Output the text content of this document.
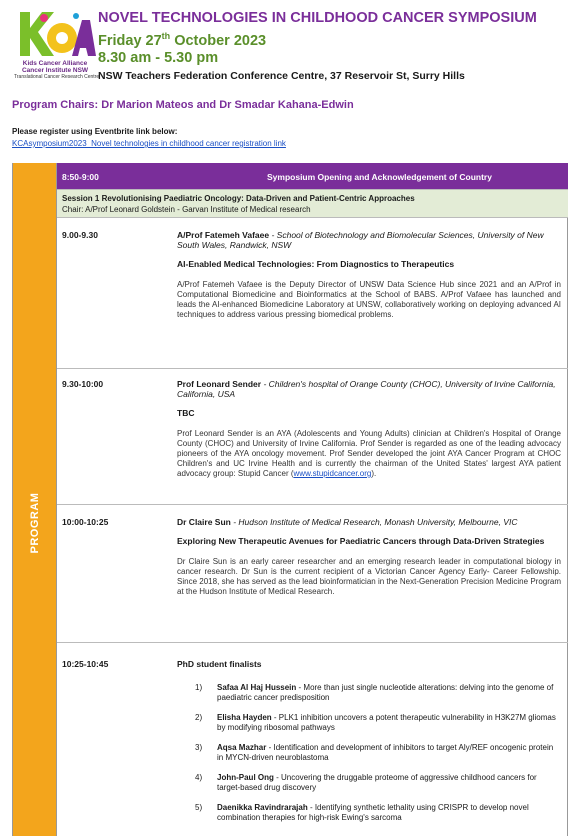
Kids Cancer Alliance
Cancer Institute NSW
Translational Cancer Research Centre
NOVEL TECHNOLOGIES IN CHILDHOOD CANCER SYMPOSIUM
Friday 27th October 2023
8.30 am - 5.30 pm
NSW Teachers Federation Conference Centre, 37 Reservoir St, Surry Hills
Program Chairs: Dr Marion Mateos and Dr Smadar Kahana-Edwin
Please register using Eventbrite link below:
KCAsymposium2023_Novel technologies in childhood cancer registration link
PROGRAM
8:50-9:00	Symposium Opening and Acknowledgement of Country
Session 1 Revolutionising Paediatric Oncology: Data-Driven and Patient-Centric Approaches
Chair: A/Prof Leonard Goldstein - Garvan Institute of Medical research
9.00-9.30	A/Prof Fatemeh Vafaee - School of Biotechnology and Biomolecular Sciences, University of New South Wales, Randwick, NSW
AI-Enabled Medical Technologies: From Diagnostics to Therapeutics
A/Prof Fatemeh Vafaee is the Deputy Director of UNSW Data Science Hub since 2021 and an A/Prof in Computational Biomedicine and Bioinformatics at the School of BABS. A/Prof Vafaee has launched and leads the AI-enhanced Biomedicine Laboratory at UNSW, collaboratively working on deploying advanced AI techniques to address various pressing biomedical problems.
9.30-10:00	Prof Leonard Sender - Children's hospital of Orange County (CHOC), University of Irvine California, California, USA
TBC
Prof Leonard Sender is an AYA (Adolescents and Young Adults) clinician at Children's Hospital of Orange County (CHOC) and University of Irvine California. Prof Sender is regarded as one of the leading advocacy pioneers of the AYA oncology movement. Prof Sender developed the joint AYA Cancer Program at CHOC Children's and UC Irvine Health and is currently the chairman of the United States' largest AYA patient advocacy group: Stupid Cancer (www.stupidcancer.org).
10:00-10:25	Dr Claire Sun - Hudson Institute of Medical Research, Monash University, Melbourne, VIC
Exploring New Therapeutic Avenues for Paediatric Cancers through Data-Driven Strategies
Dr Claire Sun is an early career researcher and an emerging research leader in computational biology in cancer research. Dr Sun is the current recipient of a Victorian Cancer Agency Early- Career Fellowship. Since 2018, she has served as the lead bioinformatician in the Next-Generation Precision Medicine Program at the Hudson Institute of Medical Research.
10:25-10:45	PhD student finalists
1) Safaa Al Haj Hussein - More than just single nucleotide alterations: delving into the genome of paediatric cancer predisposition
2) Elisha Hayden - PLK1 inhibition uncovers a potent therapeutic vulnerability in H3K27M gliomas by modifying ribosomal pathways
3) Aqsa Mazhar - Identification and development of inhibitors to target Aly/REF oncogenic protein in MYCN-driven neuroblastoma
4) John-Paul Ong - Uncovering the druggable proteome of aggressive childhood cancers for target-based drug discovery
5) Daenikka Ravindrarajah - Identifying synthetic lethality using CRISPR to develop novel combination therapies for high-risk Ewing's sarcoma
